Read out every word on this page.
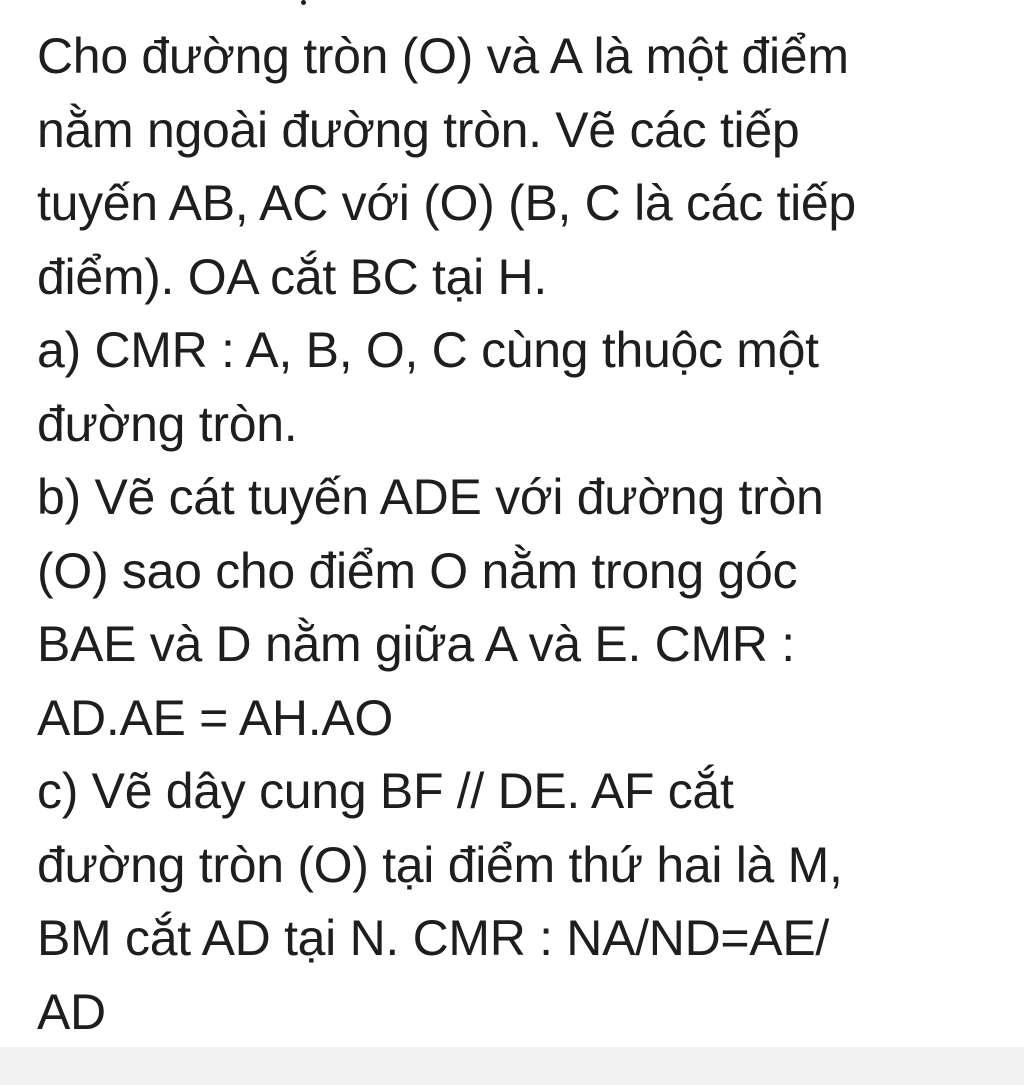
Cho đường tròn (O) và A là một điểm
nằm ngoài đường tròn. Vẽ các tiếp
tuyến AB, AC với (O) (B, C là các tiếp
điểm). OA cắt BC tại H.
a) CMR : A, B, O, C cùng thuộc một
đường tròn.
b) Vẽ cát tuyến ADE với đường tròn
(O) sao cho điểm O nằm trong góc
BAE và D nằm giữa A và E. CMR :
AD.AE = AH.AO
c) Vẽ dây cung BF // DE. AF cắt
đường tròn (O) tại điểm thứ hai là M,
BM cắt AD tại N. CMR : NA/ND=AE/
AD
